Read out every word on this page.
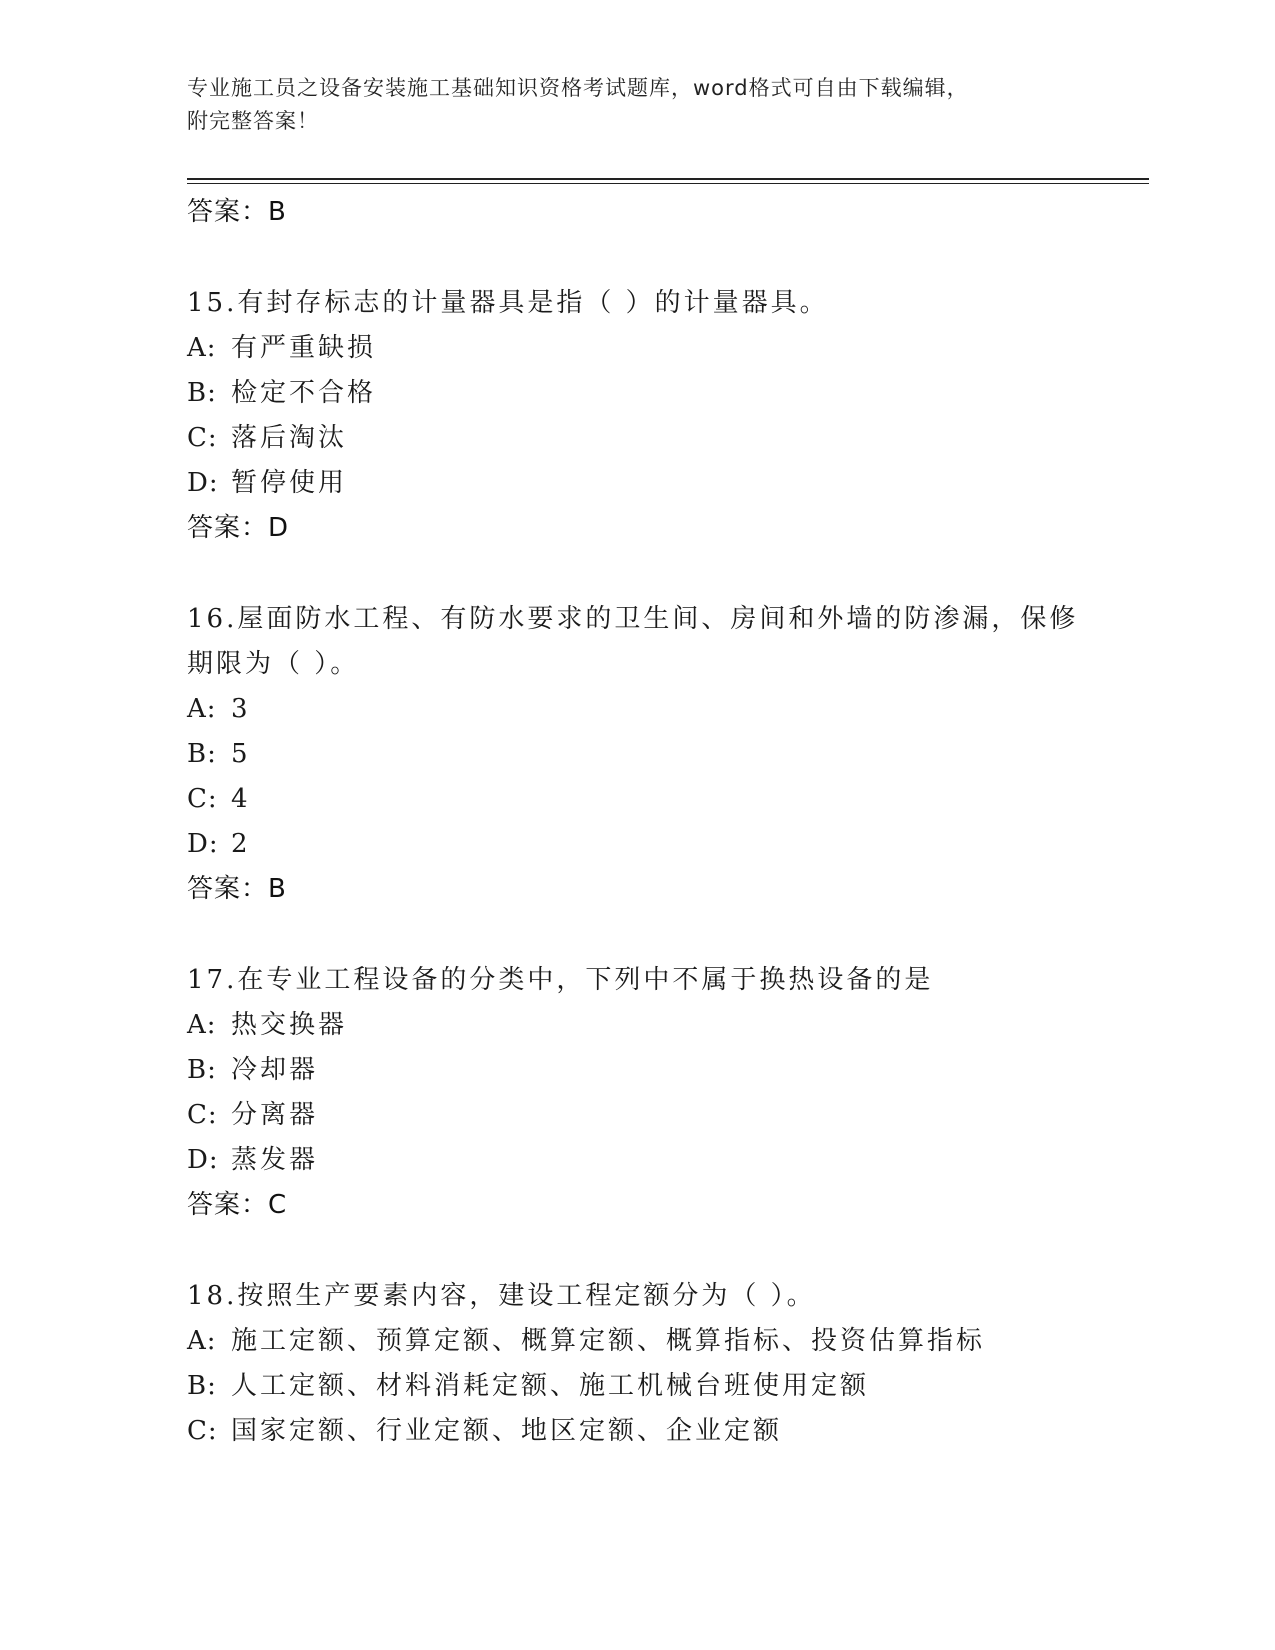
专业施工员之设备安装施工基础知识资格考试题库，word格式可自由下载编辑，
附完整答案！
答案：B
15.有封存标志的计量器具是指（ ）的计量器具。
A: 有严重缺损
B: 检定不合格
C: 落后淘汰
D: 暂停使用
答案：D
16.屋面防水工程、有防水要求的卫生间、房间和外墙的防渗漏，保修期限为（ ）。
A: 3
B: 5
C: 4
D: 2
答案：B
17.在专业工程设备的分类中，下列中不属于换热设备的是
A: 热交换器
B: 冷却器
C: 分离器
D: 蒸发器
答案：C
18.按照生产要素内容，建设工程定额分为（ ）。
A: 施工定额、预算定额、概算定额、概算指标、投资估算指标
B: 人工定额、材料消耗定额、施工机械台班使用定额
C: 国家定额、行业定额、地区定额、企业定额
